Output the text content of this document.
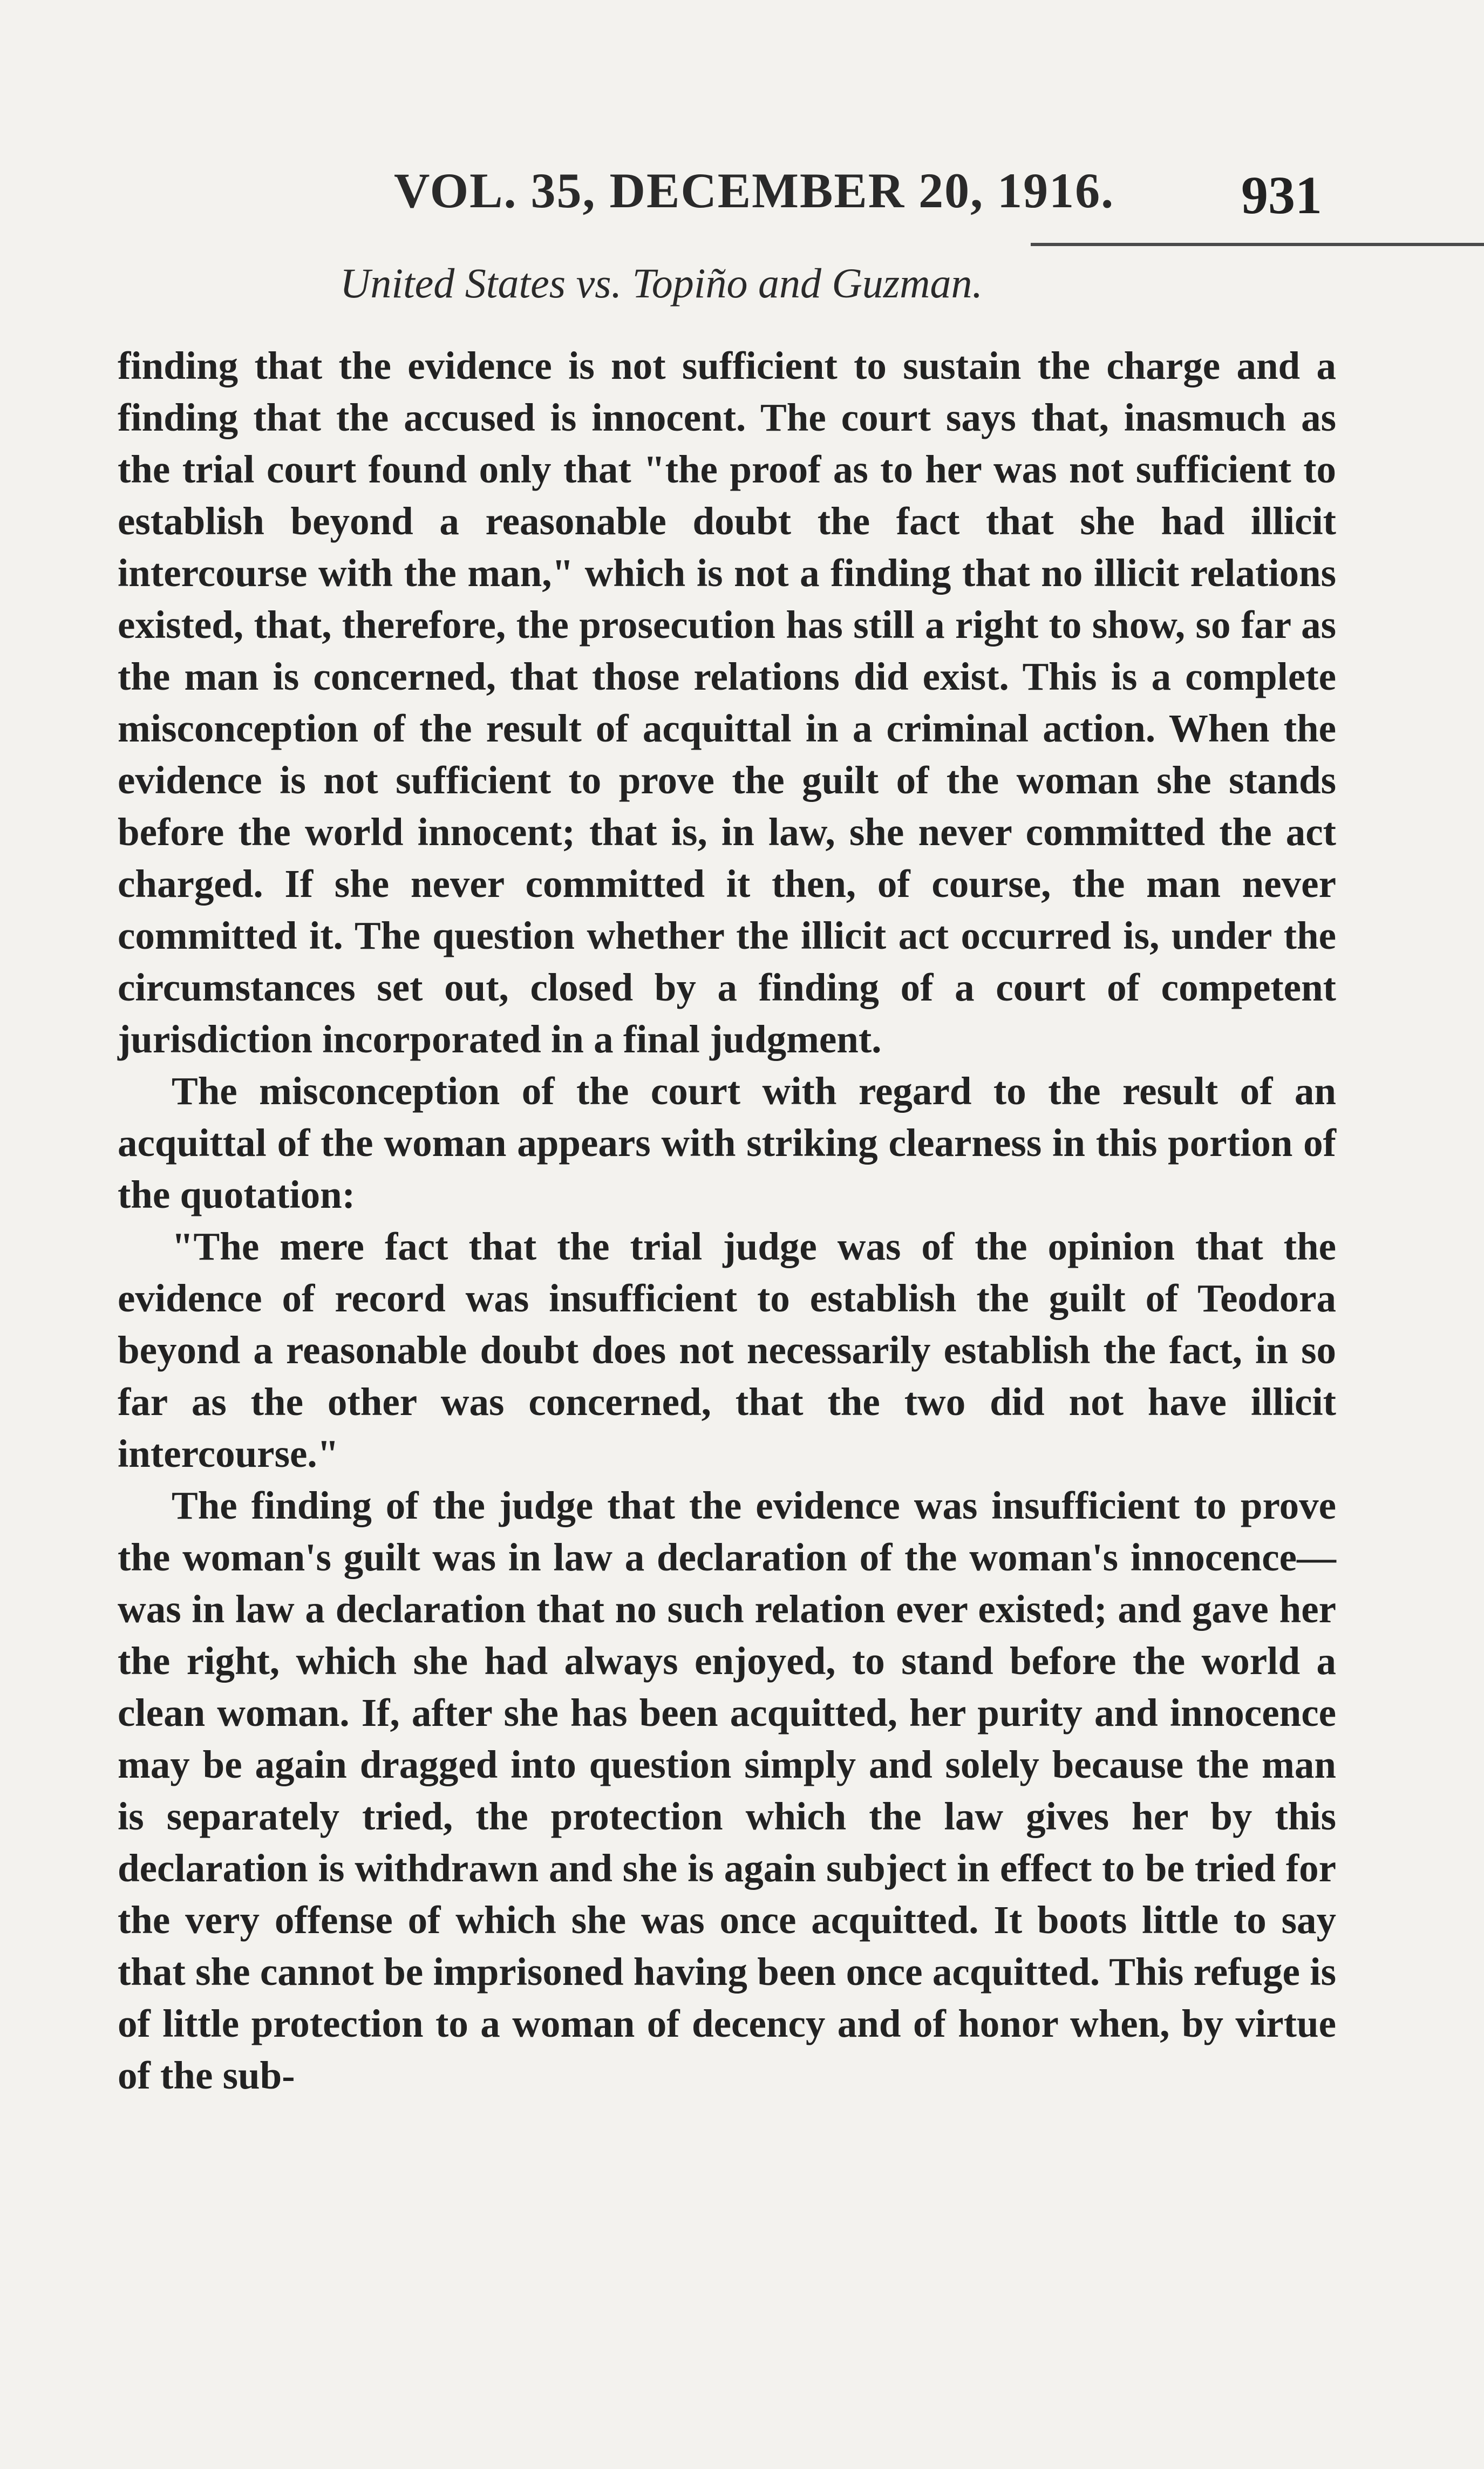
VOL. 35, DECEMBER 20, 1916. 931
United States vs. Topiño and Guzman.

finding that the evidence is not sufficient to sustain the charge and a finding that the accused is innocent. The court says that, inasmuch as the trial court found only that "the proof as to her was not sufficient to establish beyond a reasonable doubt the fact that she had illicit intercourse with the man," which is not a finding that no illicit relations existed, that, therefore, the prosecution has still a right to show, so far as the man is concerned, that those relations did exist. This is a complete misconception of the result of acquittal in a criminal action. When the evidence is not sufficient to prove the guilt of the woman she stands before the world innocent; that is, in law, she never committed the act charged. If she never committed it then, of course, the man never committed it. The question whether the illicit act occurred is, under the circumstances set out, closed by a finding of a court of competent jurisdiction incorporated in a final judgment.

The misconception of the court with regard to the result of an acquittal of the woman appears with striking clearness in this portion of the quotation:

"The mere fact that the trial judge was of the opinion that the evidence of record was insufficient to establish the guilt of Teodora beyond a reasonable doubt does not necessarily establish the fact, in so far as the other was concerned, that the two did not have illicit intercourse."

The finding of the judge that the evidence was insufficient to prove the woman's guilt was in law a declaration of the woman's innocence—was in law a declaration that no such relation ever existed; and gave her the right, which she had always enjoyed, to stand before the world a clean woman. If, after she has been acquitted, her purity and innocence may be again dragged into question simply and solely because the man is separately tried, the protection which the law gives her by this declaration is withdrawn and she is again subject in effect to be tried for the very offense of which she was once acquitted. It boots little to say that she cannot be imprisoned having been once acquitted. This refuge is of little protection to a woman of decency and of honor when, by virtue of the sub-
